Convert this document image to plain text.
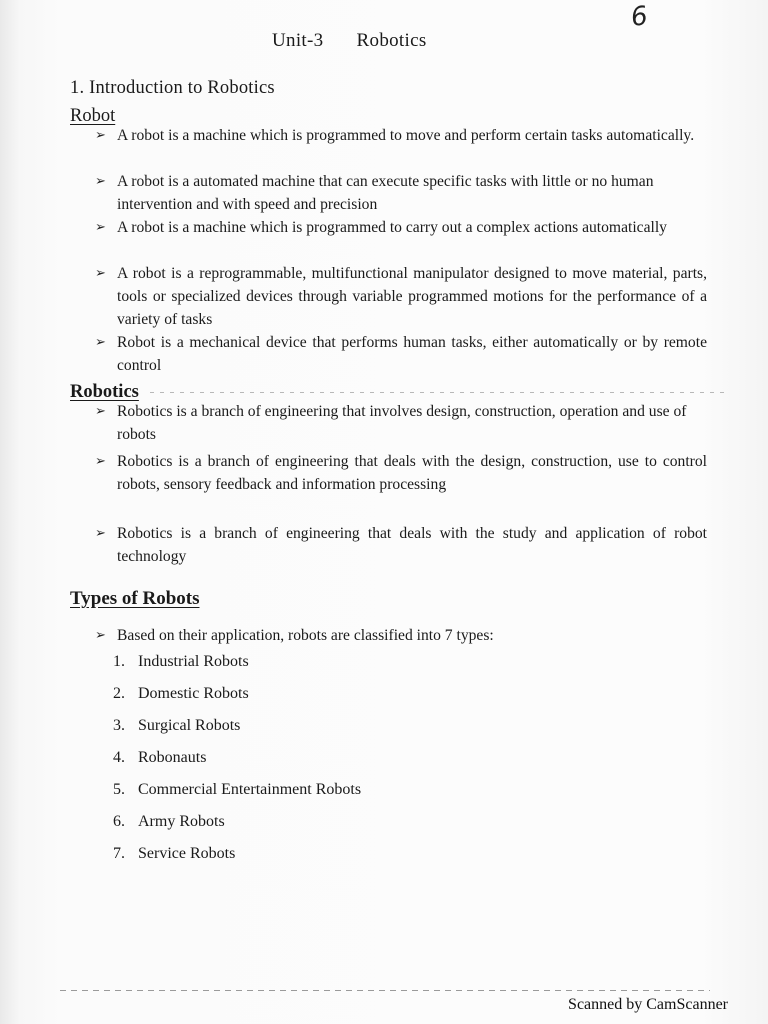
6
Unit-3   Robotics
1. Introduction to Robotics
Robot
➢ A robot is a machine which is programmed to move and perform certain tasks automatically.
➢ A robot is a automated machine that can execute specific tasks with little or no human intervention and with speed and precision
➢ A robot is a machine which is programmed to carry out a complex actions automatically
➢ A robot is a reprogrammable, multifunctional manipulator designed to move material, parts, tools or specialized devices through variable programmed motions for the performance of a variety of tasks
➢ Robot is a mechanical device that performs human tasks, either automatically or by remote control
Robotics
➢ Robotics is a branch of engineering that involves design, construction, operation and use of robots
➢ Robotics is a branch of engineering that deals with the design, construction, use to control robots, sensory feedback and information processing
➢ Robotics is a branch of engineering that deals with the study and application of robot technology
Types of Robots
➢ Based on their application, robots are classified into 7 types:
1. Industrial Robots
2. Domestic Robots
3. Surgical Robots
4. Robonauts
5. Commercial Entertainment Robots
6. Army Robots
7. Service Robots
Scanned by CamScanner
